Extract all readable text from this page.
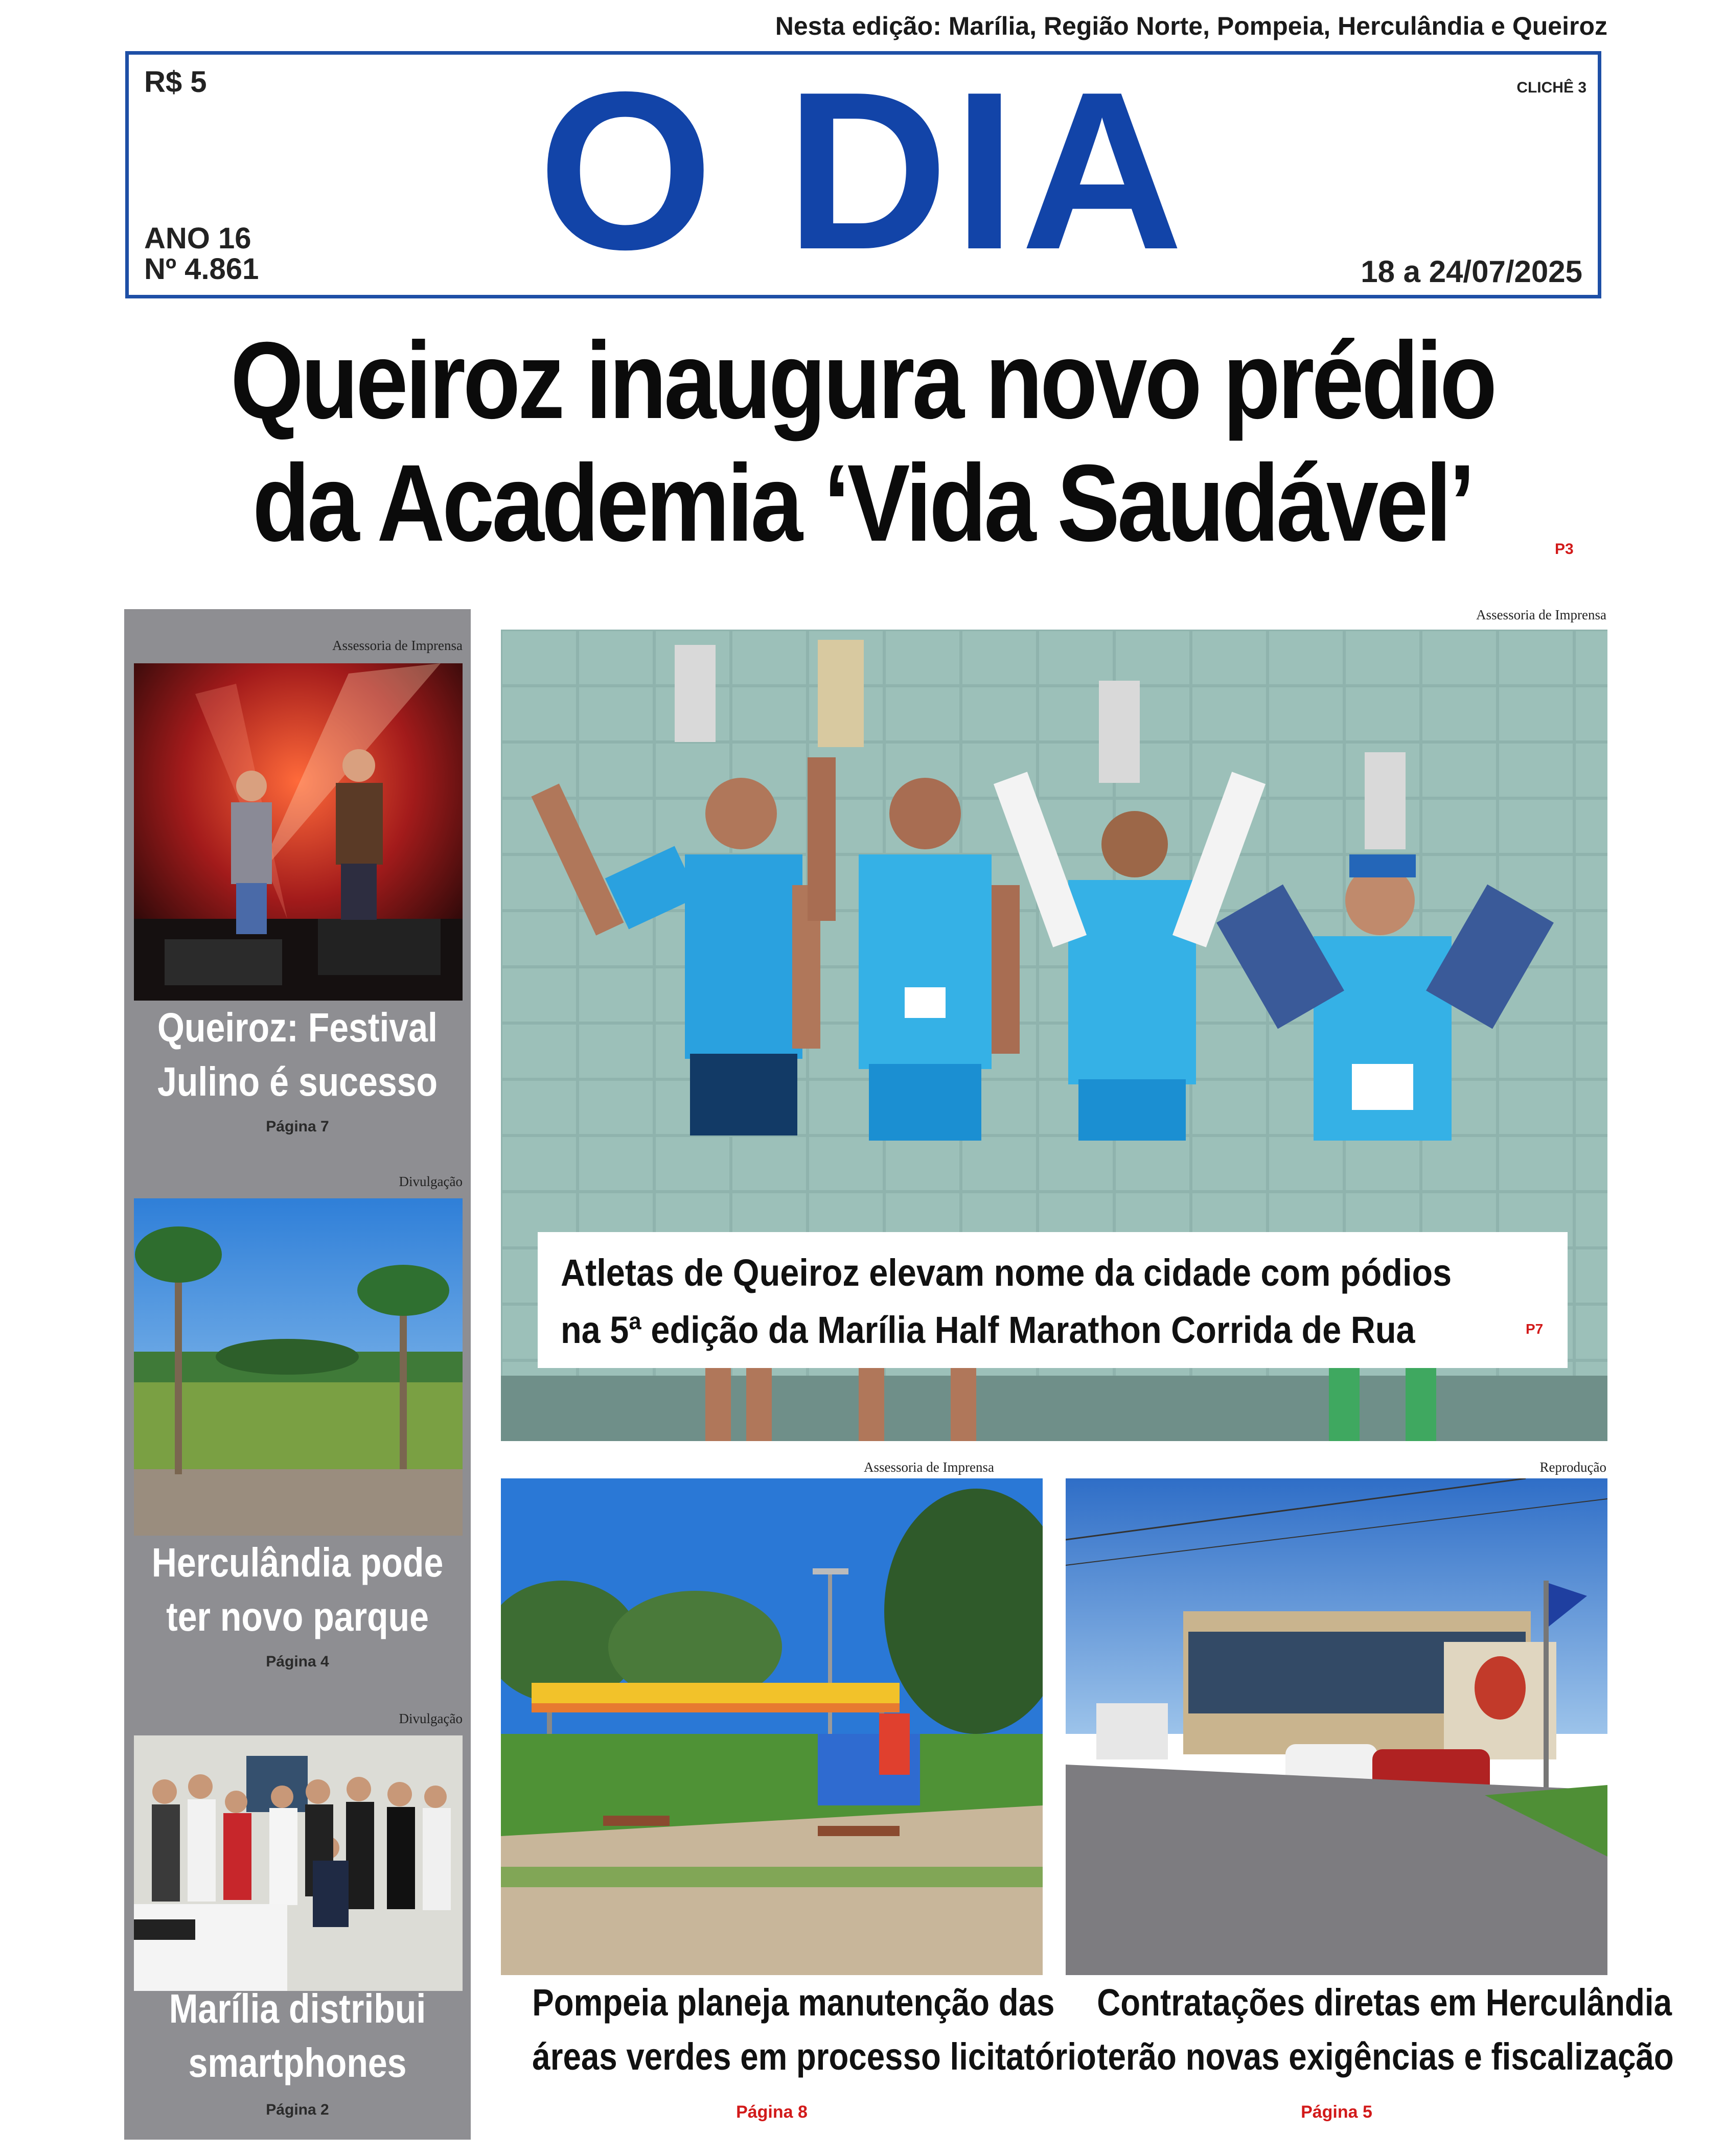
Nesta edição: Marília, Região Norte, Pompeia, Herculândia e Queiroz
R$ 5	CLICHÊ 3
O DIA
ANO 16
Nº 4.861	18 a 24/07/2025
Queiroz inaugura novo prédio
da Academia ‘Vida Saudável’	P3
Assessoria de Imprensa
Queiroz: Festival
Julino é sucesso
Página 7
Divulgação
Herculândia pode
ter novo parque
Página 4
Divulgação
Marília distribui
smartphones
Página 2
Assessoria de Imprensa
Atletas de Queiroz elevam nome da cidade com pódios
na 5ª edição da Marília Half Marathon Corrida de Rua	P7
Assessoria de Imprensa
Pompeia planeja manutenção das
áreas verdes em processo licitatório
Página 8
Reprodução
Contratações diretas em Herculândia
terão novas exigências e fiscalização
Página 5
